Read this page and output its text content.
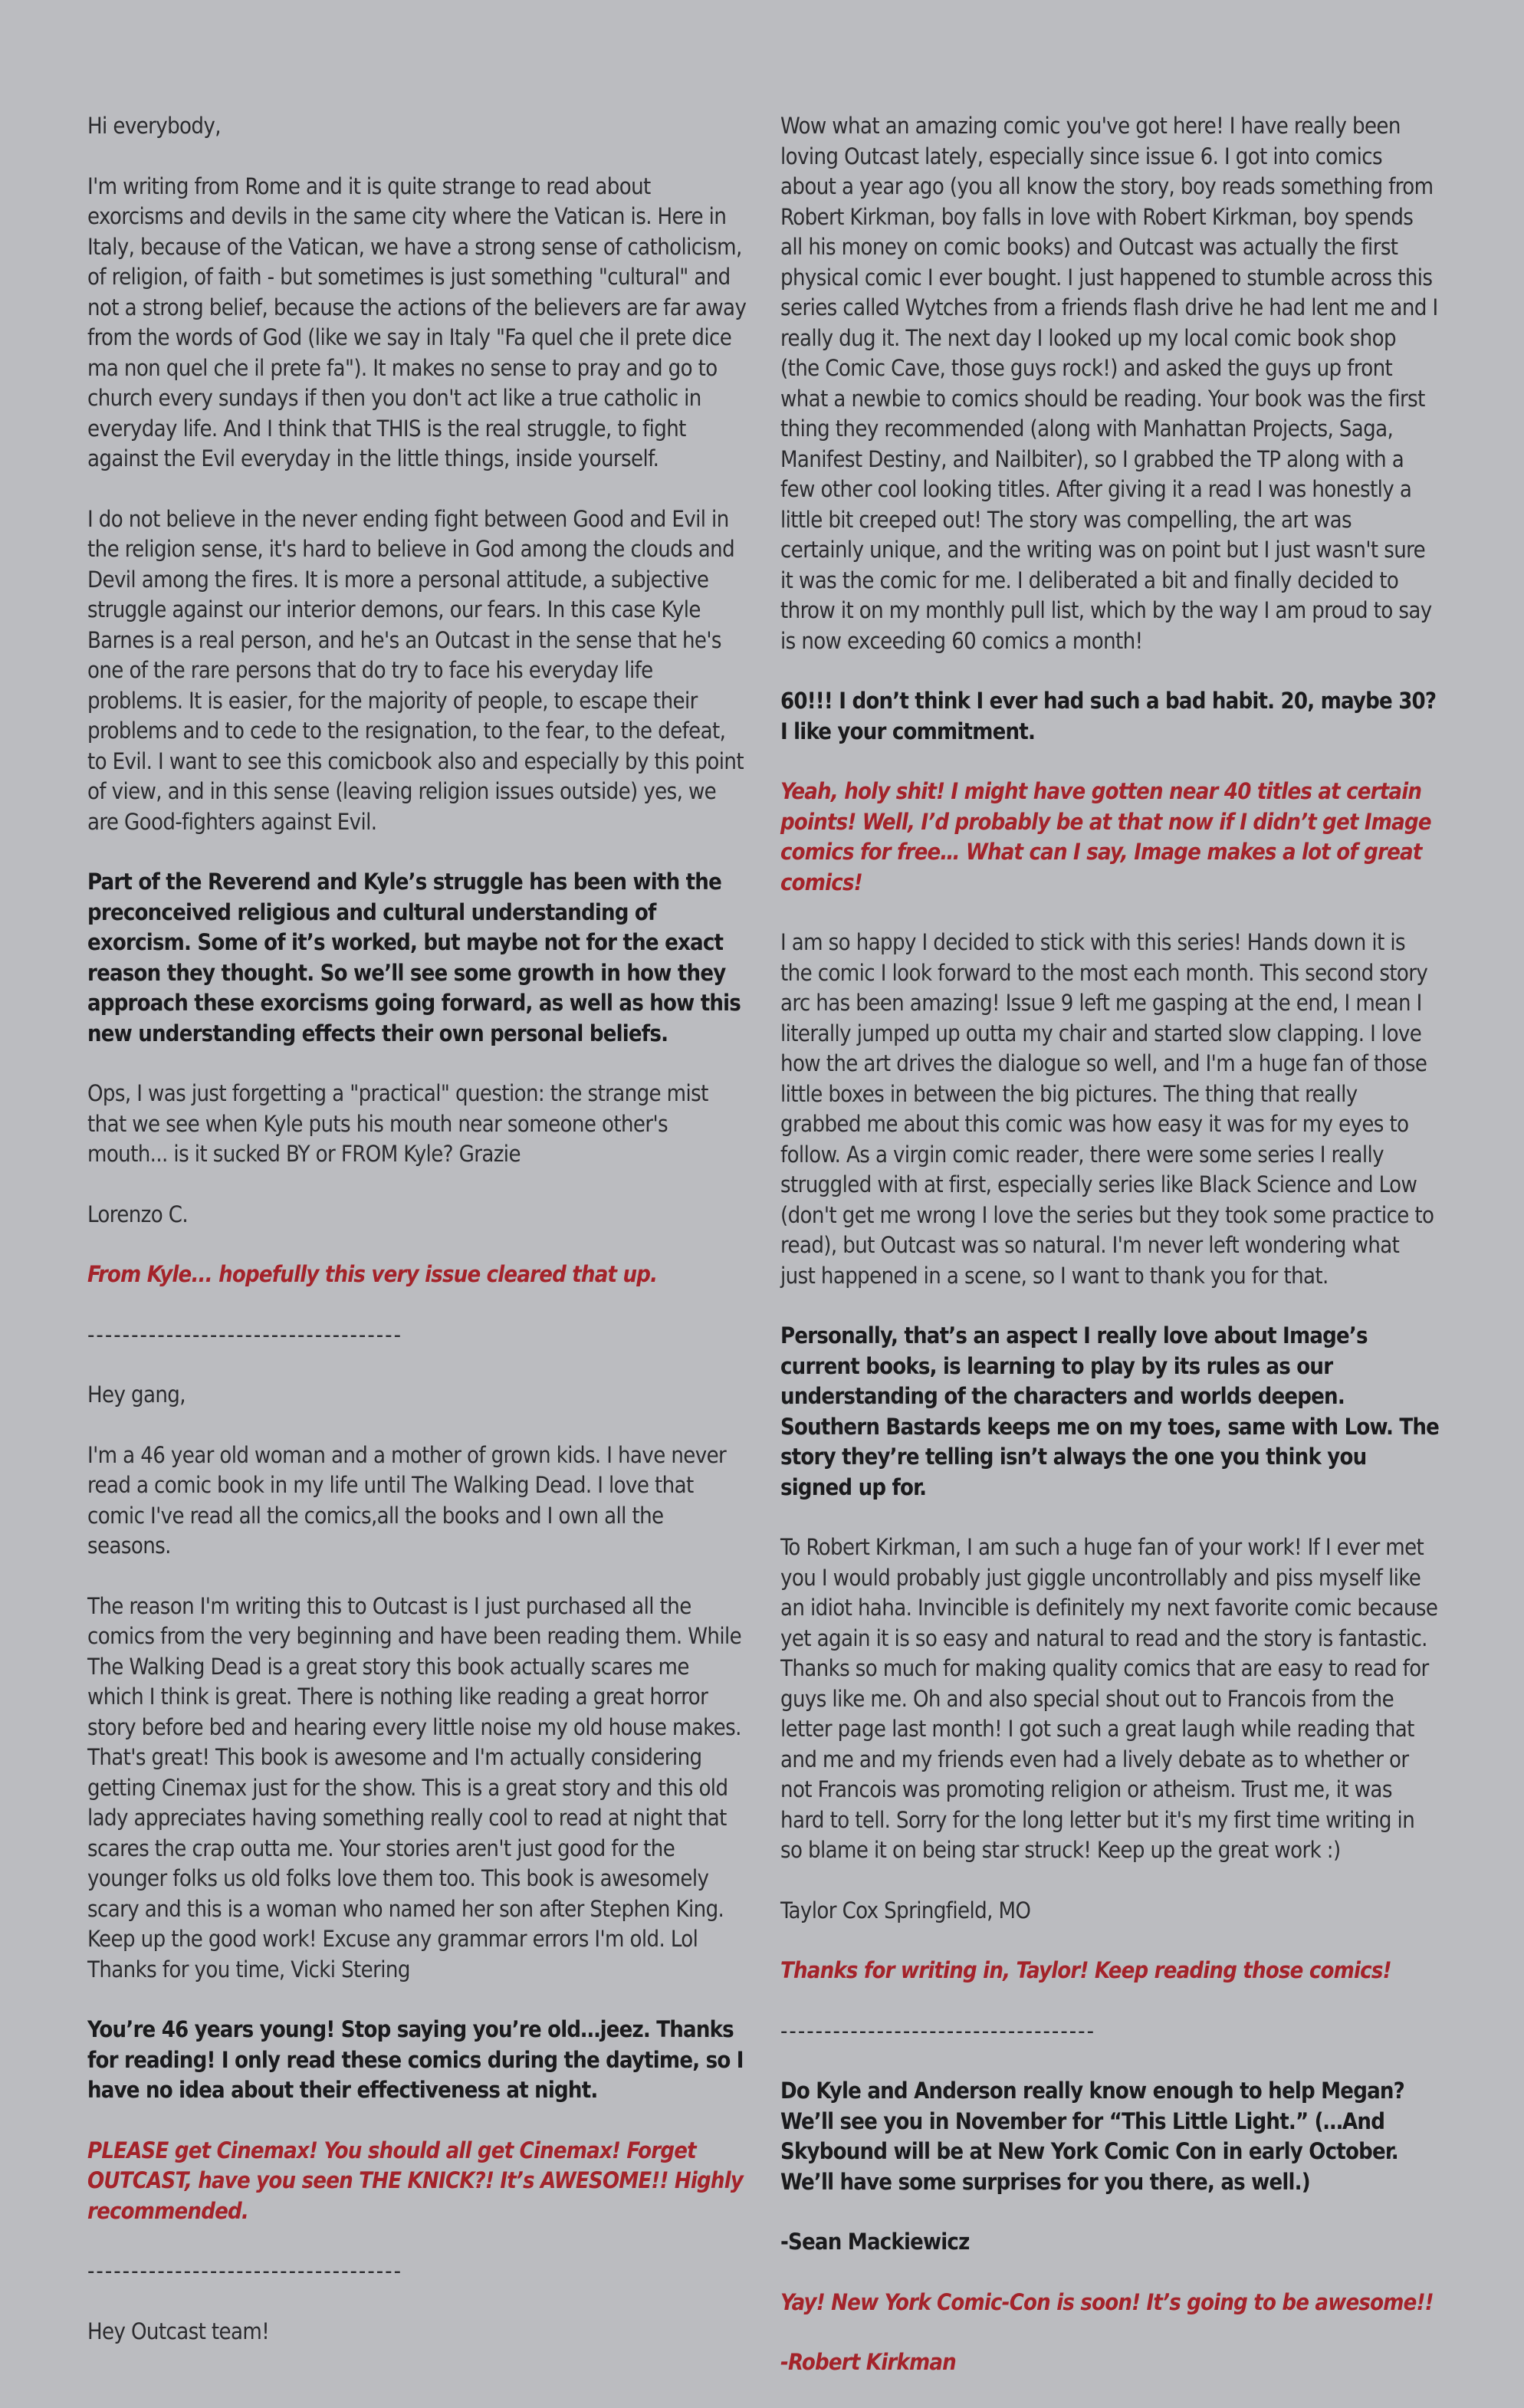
Hi everybody,

I'm writing from Rome and it is quite strange to read about exorcisms and devils in the same city where the Vatican is. Here in Italy, because of the Vatican, we have a strong sense of catholicism, of religion, of faith - but sometimes is just something "cultural" and not a strong belief, because the actions of the believers are far away from the words of God (like we say in Italy "Fa quel che il prete dice ma non quel che il prete fa"). It makes no sense to pray and go to church every sundays if then you don't act like a true catholic in everyday life. And I think that THIS is the real struggle, to fight against the Evil everyday in the little things, inside yourself.

I do not believe in the never ending fight between Good and Evil in the religion sense, it's hard to believe in God among the clouds and Devil among the fires. It is more a personal attitude, a subjective struggle against our interior demons, our fears. In this case Kyle Barnes is a real person, and he's an Outcast in the sense that he's one of the rare persons that do try to face his everyday life problems. It is easier, for the majority of people, to escape their problems and to cede to the resignation, to the fear, to the defeat, to Evil. I want to see this comicbook also and especially by this point of view, and in this sense (leaving religion issues outside) yes, we are Good-fighters against Evil.

Part of the Reverend and Kyle’s struggle has been with the preconceived religious and cultural understanding of exorcism. Some of it’s worked, but maybe not for the exact reason they thought. So we’ll see some growth in how they approach these exorcisms going forward, as well as how this new understanding effects their own personal beliefs.

Ops, I was just forgetting a "practical" question: the strange mist that we see when Kyle puts his mouth near someone other's mouth... is it sucked BY or FROM Kyle? Grazie

Lorenzo C.

From Kyle... hopefully this very issue cleared that up.

------------------------------------

Hey gang,

I'm a 46 year old woman and a mother of grown kids. I have never read a comic book in my life until The Walking Dead. I love that comic I've read all the comics,all the books and I own all the seasons.

The reason I'm writing this to Outcast is I just purchased all the comics from the very beginning and have been reading them. While The Walking Dead is a great story this book actually scares me which I think is great. There is nothing like reading a great horror story before bed and hearing every little noise my old house makes. That's great! This book is awesome and I'm actually considering getting Cinemax just for the show. This is a great story and this old lady appreciates having something really cool to read at night that scares the crap outta me. Your stories aren't just good for the younger folks us old folks love them too. This book is awesomely scary and this is a woman who named her son after Stephen King. Keep up the good work! Excuse any grammar errors I'm old. Lol Thanks for you time, Vicki Stering

You’re 46 years young! Stop saying you’re old…jeez. Thanks for reading! I only read these comics during the daytime, so I have no idea about their effectiveness at night.

PLEASE get Cinemax! You should all get Cinemax! Forget OUTCAST, have you seen THE KNICK?! It’s AWESOME!! Highly recommended.

------------------------------------

Hey Outcast team!

Wow what an amazing comic you've got here! I have really been loving Outcast lately, especially since issue 6. I got into comics about a year ago (you all know the story, boy reads something from Robert Kirkman, boy falls in love with Robert Kirkman, boy spends all his money on comic books) and Outcast was actually the first physical comic I ever bought. I just happened to stumble across this series called Wytches from a friends flash drive he had lent me and I really dug it. The next day I looked up my local comic book shop (the Comic Cave, those guys rock!) and asked the guys up front what a newbie to comics should be reading. Your book was the first thing they recommended (along with Manhattan Projects, Saga, Manifest Destiny, and Nailbiter), so I grabbed the TP along with a few other cool looking titles. After giving it a read I was honestly a little bit creeped out! The story was compelling, the art was certainly unique, and the writing was on point but I just wasn't sure it was the comic for me. I deliberated a bit and finally decided to throw it on my monthly pull list, which by the way I am proud to say is now exceeding 60 comics a month!

60!!! I don’t think I ever had such a bad habit. 20, maybe 30? I like your commitment.

Yeah, holy shit! I might have gotten near 40 titles at certain points! Well, I’d probably be at that now if I didn’t get Image comics for free… What can I say, Image makes a lot of great comics!

I am so happy I decided to stick with this series! Hands down it is the comic I look forward to the most each month. This second story arc has been amazing! Issue 9 left me gasping at the end, I mean I literally jumped up outta my chair and started slow clapping. I love how the art drives the dialogue so well, and I'm a huge fan of those little boxes in between the big pictures. The thing that really grabbed me about this comic was how easy it was for my eyes to follow. As a virgin comic reader, there were some series I really struggled with at first, especially series like Black Science and Low (don't get me wrong I love the series but they took some practice to read), but Outcast was so natural. I'm never left wondering what just happened in a scene, so I want to thank you for that.

Personally, that’s an aspect I really love about Image’s current books, is learning to play by its rules as our understanding of the characters and worlds deepen. Southern Bastards keeps me on my toes, same with Low. The story they’re telling isn’t always the one you think you signed up for.

To Robert Kirkman, I am such a huge fan of your work! If I ever met you I would probably just giggle uncontrollably and piss myself like an idiot haha. Invincible is definitely my next favorite comic because yet again it is so easy and natural to read and the story is fantastic. Thanks so much for making quality comics that are easy to read for guys like me. Oh and also special shout out to Francois from the letter page last month! I got such a great laugh while reading that and me and my friends even had a lively debate as to whether or not Francois was promoting religion or atheism. Trust me, it was hard to tell. Sorry for the long letter but it's my first time writing in so blame it on being star struck! Keep up the great work :)

Taylor Cox Springfield, MO

Thanks for writing in, Taylor! Keep reading those comics!

------------------------------------

Do Kyle and Anderson really know enough to help Megan? We’ll see you in November for “This Little Light.” (…And Skybound will be at New York Comic Con in early October. We’ll have some surprises for you there, as well.)

-Sean Mackiewicz

Yay! New York Comic-Con is soon! It’s going to be awesome!!

-Robert Kirkman
